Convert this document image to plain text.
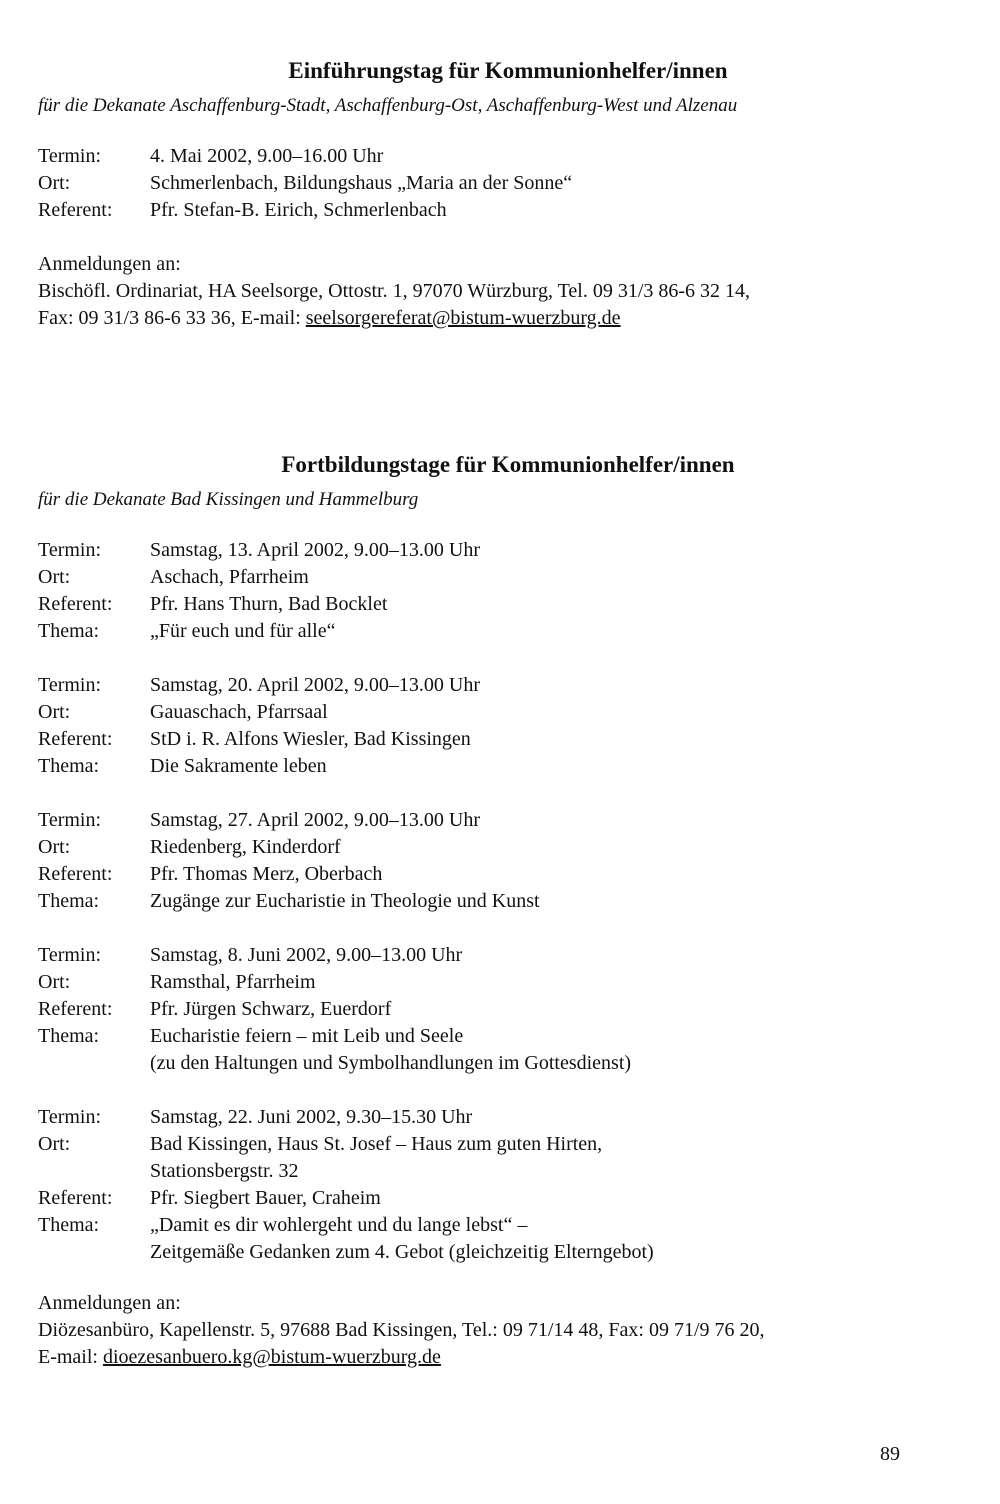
Einführungstag für Kommunionhelfer/innen
für die Dekanate Aschaffenburg-Stadt, Aschaffenburg-Ost, Aschaffenburg-West und Alzenau
Termin:	4. Mai 2002, 9.00–16.00 Uhr
Ort:	Schmerlenbach, Bildungshaus „Maria an der Sonne“
Referent:	Pfr. Stefan-B. Eirich, Schmerlenbach

Anmeldungen an:

Bischöfl. Ordinariat, HA Seelsorge, Ottostr. 1, 97070 Würzburg, Tel. 09 31/3 86-6 32 14,

Fax: 09 31/3 86-6 33 36, E-mail: seelsorgereferat@bistum-wuerzburg.de

Fortbildungstage für Kommunionhelfer/innen
für die Dekanate Bad Kissingen und Hammelburg
Termin:	Samstag, 13. April 2002, 9.00–13.00 Uhr
Ort:	Aschach, Pfarrheim
Referent:	Pfr. Hans Thurn, Bad Bocklet
Thema:	„Für euch und für alle“
Termin:	Samstag, 20. April 2002, 9.00–13.00 Uhr
Ort:	Gauaschach, Pfarrsaal
Referent:	StD i. R. Alfons Wiesler, Bad Kissingen
Thema:	Die Sakramente leben
Termin:	Samstag, 27. April 2002, 9.00–13.00 Uhr
Ort:	Riedenberg, Kinderdorf
Referent:	Pfr. Thomas Merz, Oberbach
Thema:	Zugänge zur Eucharistie in Theologie und Kunst
Termin:	Samstag, 8. Juni 2002, 9.00–13.00 Uhr
Ort:	Ramsthal, Pfarrheim
Referent:	Pfr. Jürgen Schwarz, Euerdorf
Thema:	Eucharistie feiern – mit Leib und Seele
(zu den Haltungen und Symbolhandlungen im Gottesdienst)
Termin:	Samstag, 22. Juni 2002, 9.30–15.30 Uhr
Ort:	Bad Kissingen, Haus St. Josef – Haus zum guten Hirten,
Stationsbergstr. 32
Referent:	Pfr. Siegbert Bauer, Craheim
Thema:	„Damit es dir wohlergeht und du lange lebst“ –
Zeitgemäße Gedanken zum 4. Gebot (gleichzeitig Elterngebot)

Anmeldungen an:

Diözesanbüro, Kapellenstr. 5, 97688 Bad Kissingen, Tel.: 09 71/14 48, Fax: 09 71/9 76 20,

E-mail: dioezesanbuero.kg@bistum-wuerzburg.de

89
